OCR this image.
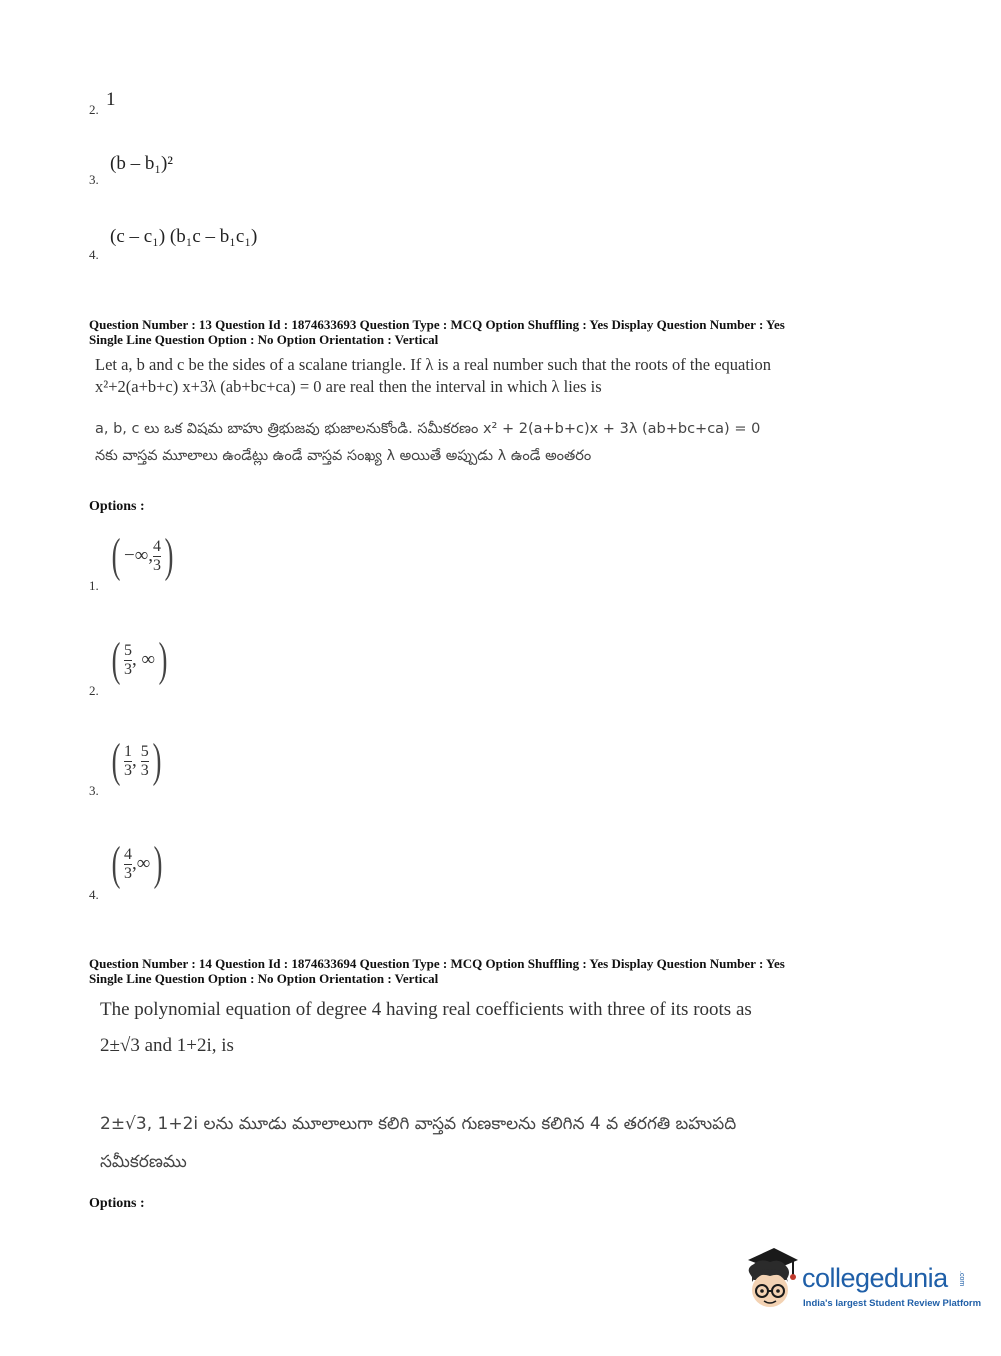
2. 1
3.
(b – b₁)²
4.
(c – c₁) (b₁c – b₁c₁)
Question Number : 13 Question Id : 1874633693 Question Type : MCQ Option Shuffling : Yes Display Question Number : Yes
Single Line Question Option : No Option Orientation : Vertical
Let a, b and c be the sides of a scalane triangle. If λ is a real number such that the roots of the equation
x²+2(a+b+c) x+3λ (ab+bc+ca) = 0 are real then the interval in which λ lies is
a, b, c లు ఒక విషమ బాహు త్రిభుజవు భుజాలనుకోండి. సమీకరణం x² + 2(a+b+c)x + 3λ (ab+bc+ca) = 0
నకు వాస్తవ మూలాలు ఉండేట్లు ఉండే వాస్తవ సంఖ్య λ అయితే అప్పుడు λ ఉండే అంతరం
Options :
1.
( −∞, $\frac{4}{3}$ )
2.
( $\frac{5}{3}$ , ∞ )
3.
( $\frac{1}{3}$ , $\frac{5}{3}$ )
4.
( $\frac{4}{3}$ ,∞ )
Question Number : 14 Question Id : 1874633694 Question Type : MCQ Option Shuffling : Yes Display Question Number : Yes
Single Line Question Option : No Option Orientation : Vertical
The polynomial equation of degree 4 having real coefficients with three of its roots as
2±√3 and 1+2i, is
2±√3, 1+2i లను మూడు మూలాలుగా కలిగి వాస్తవ గుణకాలను కలిగిన 4 వ తరగతి బహుపది
సమీకరణము
Options :
collegedunia .com
India's largest Student Review Platform
